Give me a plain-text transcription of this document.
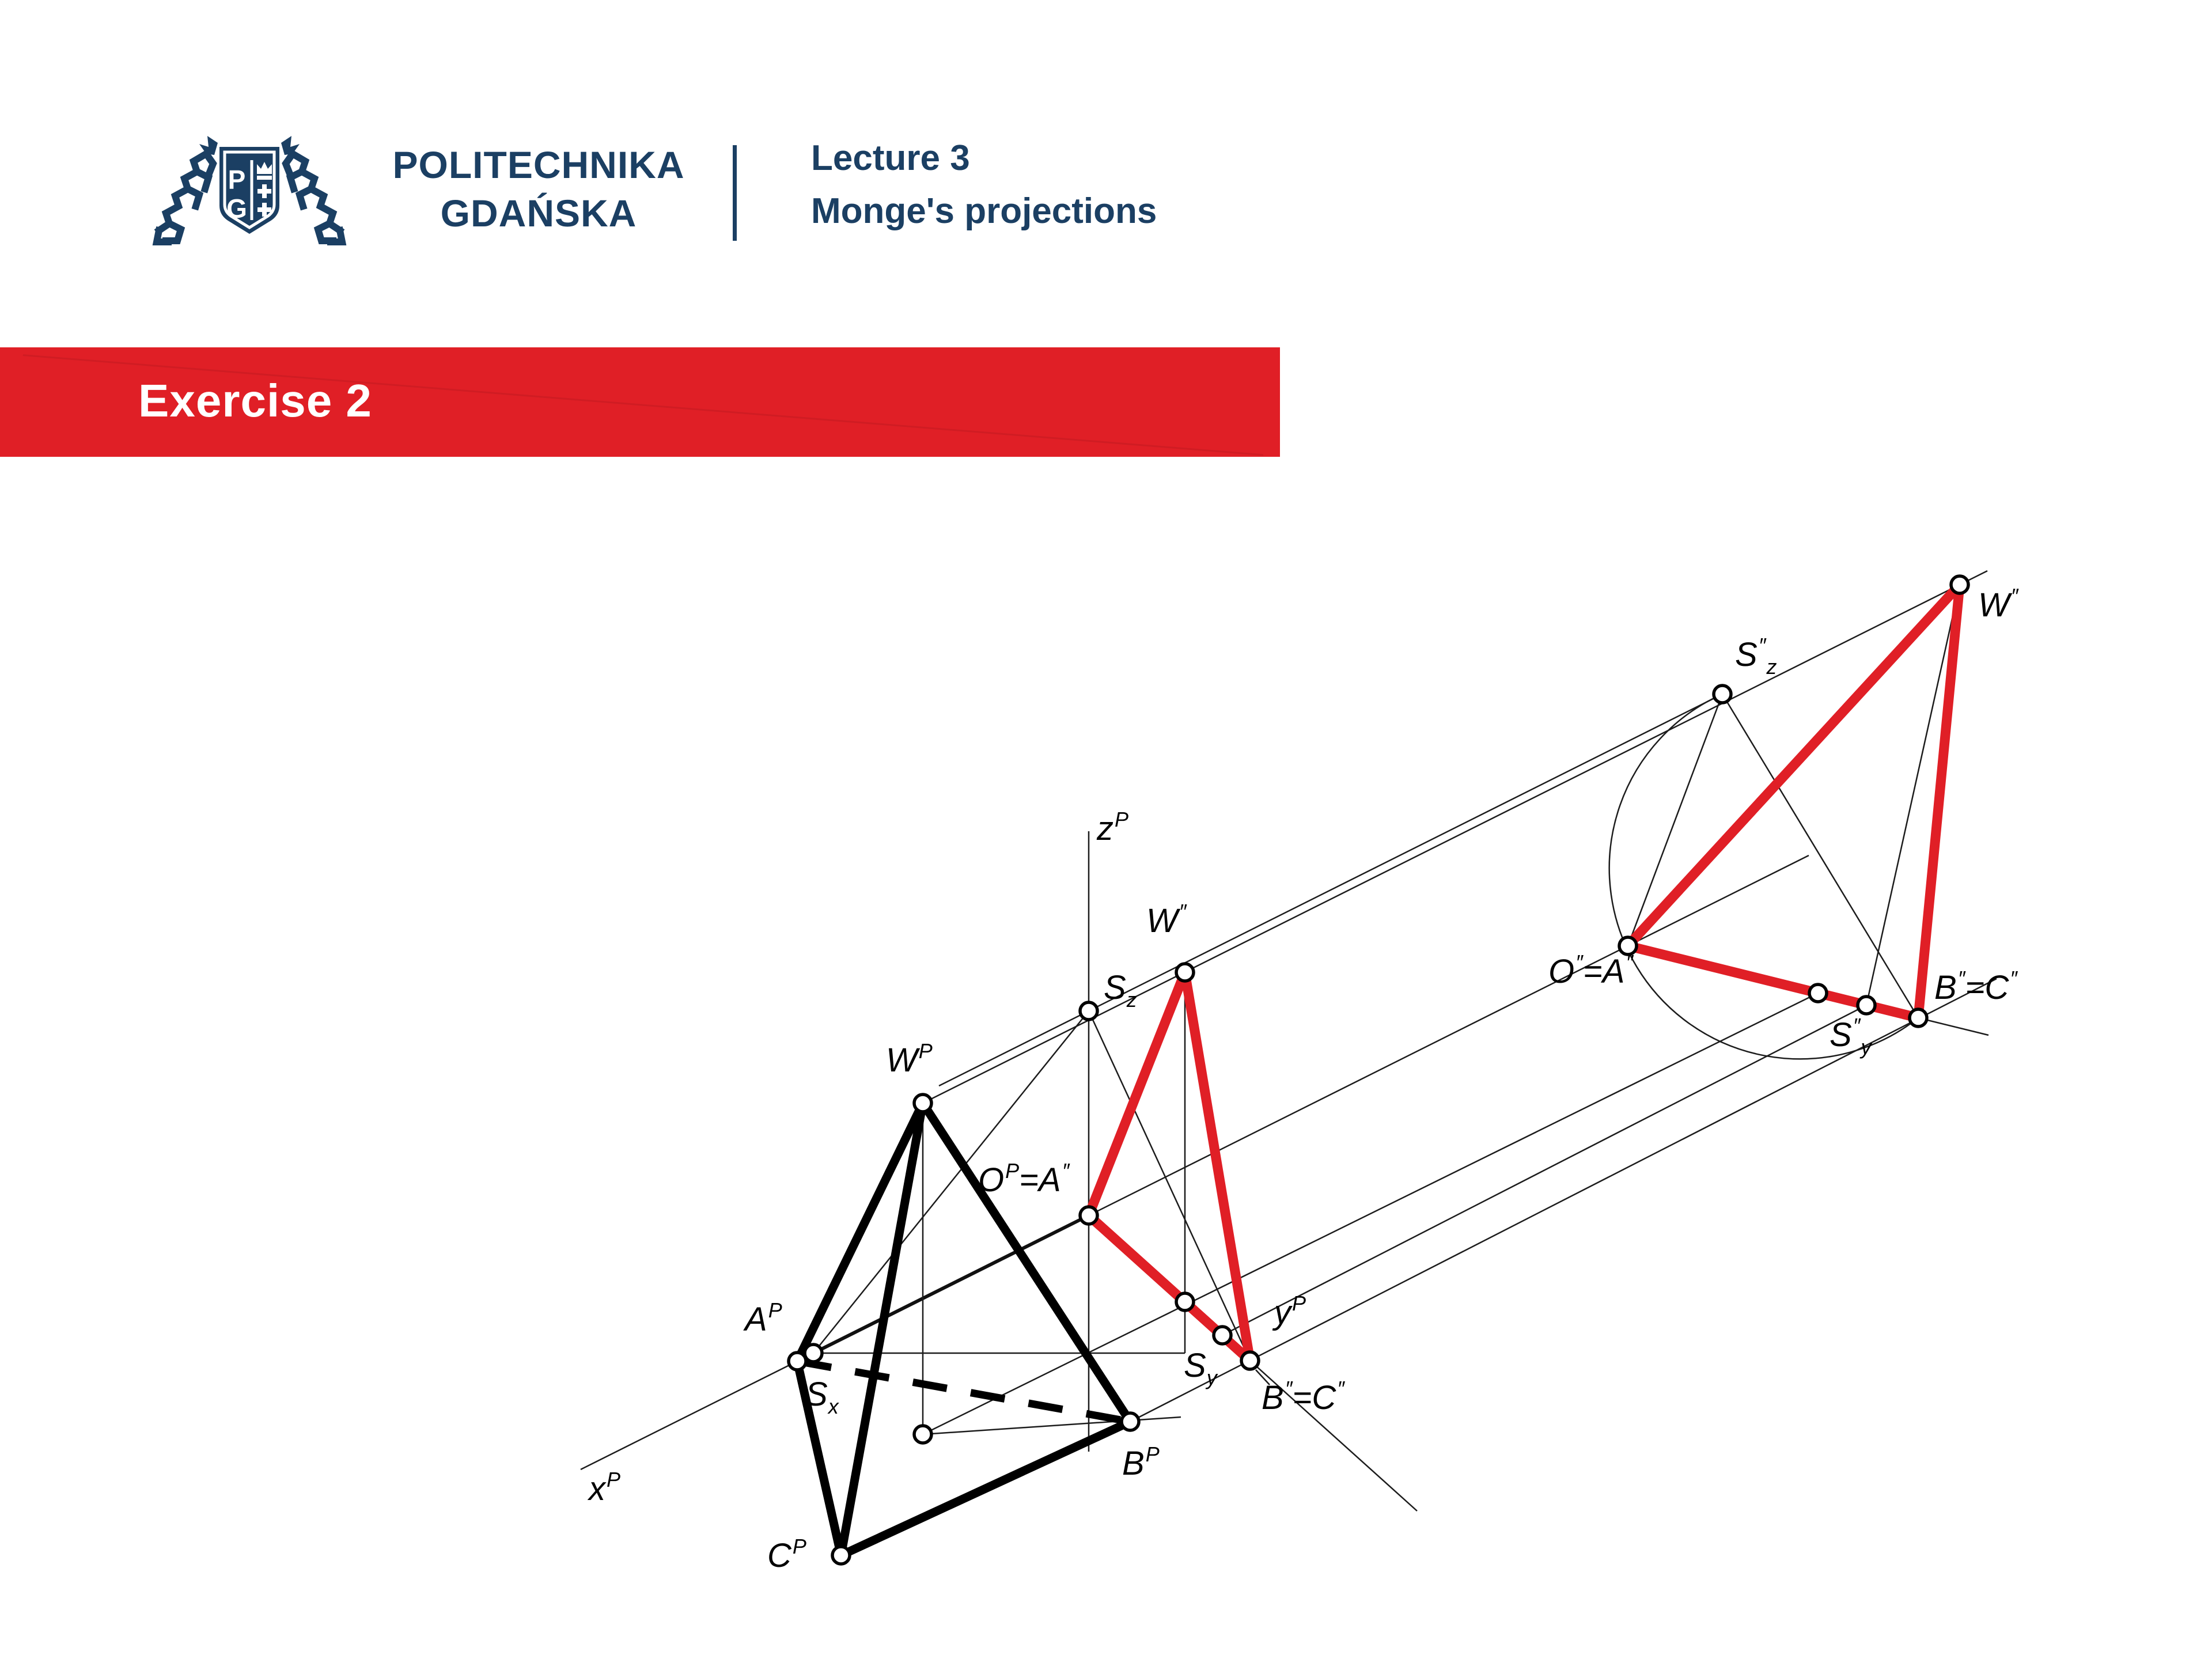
P
G
POLITECHNIKA
GDAŃSKA
Lecture 3
Monge's projections
Exercise 2
$x^P$
$z^P$
$y^P$
$W^P$
$A^P$
$B^P$
$C^P$
$S_x$
$S_z$
$S_y$
W″
$O^P=A''$
B″=C″
W″
O″=A″
B″=C″
$S''_z$
$S''_y$
